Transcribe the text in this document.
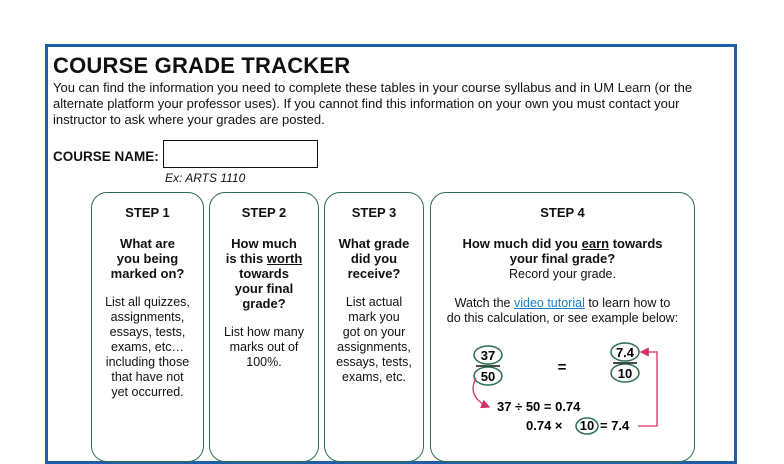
COURSE GRADE TRACKER

You can find the information you need to complete these tables in your course syllabus and in UM Learn (or the alternate platform your professor uses). If you cannot find this information on your own you must contact your instructor to ask where your grades are posted.

COURSE NAME:
Ex: ARTS 1110
STEP 1
What are
you being
marked on?
List all quizzes,
assignments,
essays, tests,
exams, etc…
including those
that have not
yet occurred.
STEP 2
How much
is this worth
towards
your final
grade?
List how many
marks out of
100%.
STEP 3
What grade
did you
receive?
List actual
mark you
got on your
assignments,
essays, tests,
exams, etc.
STEP 4
How much did you earn towards
your final grade?
Record your grade.
Watch the video tutorial to learn how to
do this calculation, or see example below:
37
50
=
7.4
10
37 ÷ 50 = 0.74
0.74 × 10 = 7.4
